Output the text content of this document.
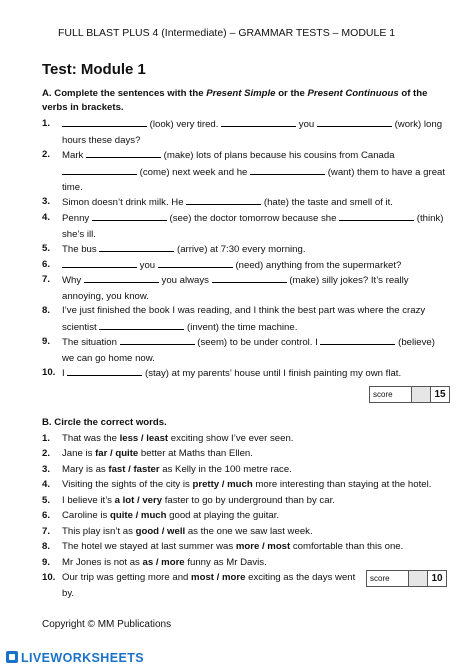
FULL BLAST PLUS 4 (Intermediate) – GRAMMAR TESTS – MODULE 1
Test: Module 1
A. Complete the sentences with the Present Simple or the Present Continuous of the verbs in brackets.
1.	(look) very tired.	you	(work) long hours these days?
2. Mark	(make) lots of plans because his cousins from Canada  (come) next week and he	(want) them to have a great time.
3. Simon doesn’t drink milk. He	(hate) the taste and smell of it.
4. Penny	(see) the doctor tomorrow because she	(think) she’s ill.
5. The bus	(arrive) at 7:30 every morning.
6.	you	(need) anything from the supermarket?
7. Why	you always	(make) silly jokes? It’s really annoying, you know.
8. I’ve just finished the book I was reading, and I think the best part was where the crazy scientist	(invent) the time machine.
9. The situation	(seem) to be under control. I	(believe) we can go home now.
10. I	(stay) at my parents’ house until I finish painting my own flat.
score	15
B. Circle the correct words.
1. That was the less / least exciting show I’ve ever seen.
2. Jane is far / quite better at Maths than Ellen.
3. Mary is as fast / faster as Kelly in the 100 metre race.
4. Visiting the sights of the city is pretty / much more interesting than staying at the hotel.
5. I believe it’s a lot / very faster to go by underground than by car.
6. Caroline is quite / much good at playing the guitar.
7. This play isn’t as good / well as the one we saw last week.
8. The hotel we stayed at last summer was more / most comfortable than this one.
9. Mr Jones is not as as / more funny as Mr Davis.
10. Our trip was getting more and most / more exciting as the days went by.
score	10
Copyright © MM Publications
LIVEWORKSHEETS
